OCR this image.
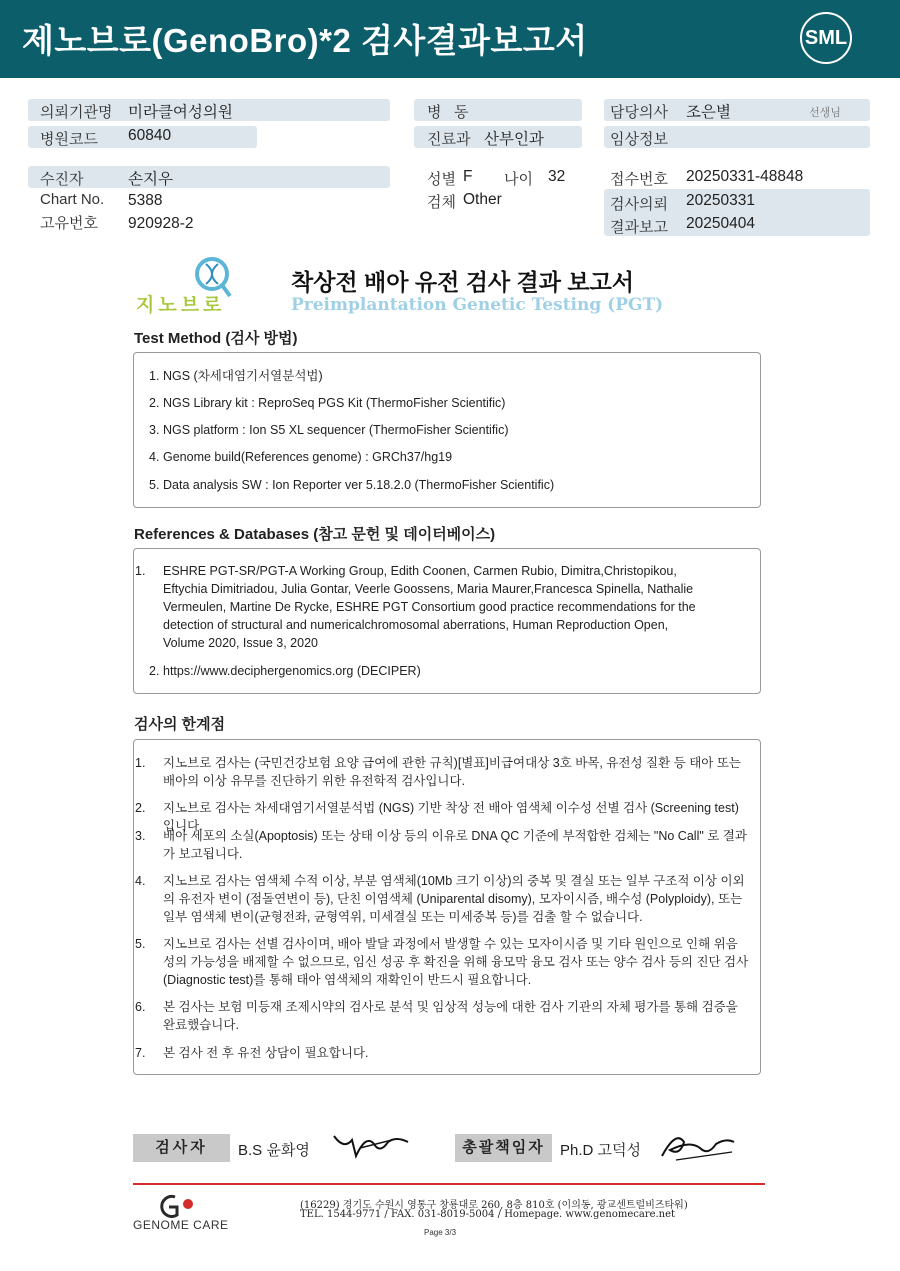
제노브로(GenoBro)*2 검사결과보고서	SML
의뢰기관명 미라클여성의원
병원코드 60840
병   동
진료과 산부인과
담당의사 조은별	선생님
임상정보
수진자	손지우
Chart No. 5388
고유번호 920928-2
성별 F 나이 32
검체 Other
접수번호 20250331-48848
검사의뢰 20250331
결과보고 20250404
지노브로
착상전 배아 유전 검사 결과 보고서
Preimplantation Genetic Testing (PGT)
Test Method (검사 방법)
1. NGS (차세대염기서열분석법)
2. NGS Library kit : ReproSeq PGS Kit (ThermoFisher Scientific)
3. NGS platform : Ion S5 XL sequencer (ThermoFisher Scientific)
4. Genome build(References genome) : GRCh37/hg19
5. Data analysis SW : Ion Reporter ver 5.18.2.0 (ThermoFisher Scientific)
References & Databases (참고 문헌 및 데이터베이스)
1. ESHRE PGT-SR/PGT-A Working Group, Edith Coonen, Carmen Rubio, Dimitra,Christopikou, Eftychia Dimitriadou, Julia Gontar, Veerle Goossens, Maria Maurer,Francesca Spinella, Nathalie Vermeulen, Martine De Rycke, ESHRE PGT Consortium good practice recommendations for the detection of structural and numericalchromosomal aberrations, Human Reproduction Open, Volume 2020, Issue 3, 2020
2. https://www.deciphergenomics.org (DECIPER)
검사의 한계점
1. 지노브로 검사는 (국민건강보험 요양 급여에 관한 규칙)[별표]비급여대상 3호 바목, 유전성 질환 등 태아 또는 배아의 이상 유무를 진단하기 위한 유전학적 검사입니다.
2. 지노브로 검사는 차세대염기서열분석법 (NGS) 기반 착상 전 배아 염색체 이수성 선별 검사 (Screening test)입니다.
3. 배아 세포의 소실(Apoptosis) 또는 상태 이상 등의 이유로 DNA QC 기준에 부적합한 검체는 "No Call" 로 결과가 보고됩니다.
4. 지노브로 검사는 염색체 수적 이상, 부분 염색체(10Mb 크기 이상)의 중복 및 결실 또는 일부 구조적 이상 이외의 유전자 변이 (점돌연변이 등), 단친 이염색체 (Uniparental disomy), 모자이시즘, 배수성 (Polyploidy), 또는 일부 염색체 변이(균형전좌, 균형역위, 미세결실 또는 미세중복 등)를 검출 할 수 없습니다.
5. 지노브로 검사는 선별 검사이며, 배아 발달 과정에서 발생할 수 있는 모자이시즘 및 기타 원인으로 인해 위음성의 가능성을 배제할 수 없으므로, 임신 성공 후 확진을 위해 융모막 융모 검사 또는 양수 검사 등의 진단 검사 (Diagnostic test)를 통해 태아 염색체의 재확인이 반드시 필요합니다.
6. 본 검사는 보험 미등재 조제시약의 검사로 분석 및 임상적 성능에 대한 검사 기관의 자체 평가를 통해 검증을 완료했습니다.
7. 본 검사 전 후 유전 상담이 필요합니다.
검사자	B.S 윤화영	총괄책임자	Ph.D 고덕성
GENOME CARE
(16229) 경기도 수원시 영통구 창룡대로 260, 8층 810호 (이의동, 광교센트럴비즈타워)
TEL. 1544-9771 / FAX. 031-8019-5004 / Homepage. www.genomecare.net
Page 3/3
